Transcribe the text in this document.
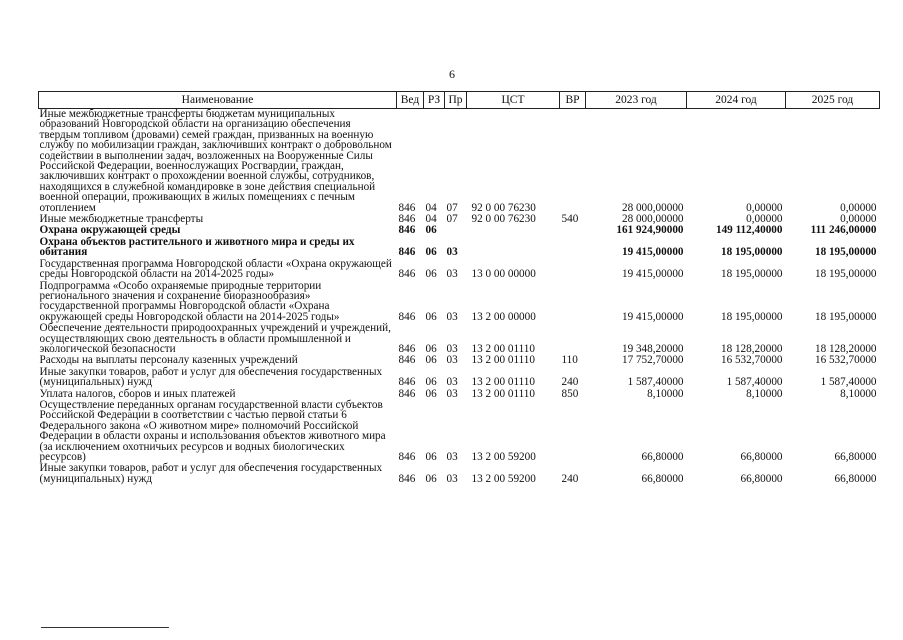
6
Наименование	Вед	РЗ	Пр	ЦСТ	ВР	2023 год	2024 год	2025 год
Иные межбюджетные трансферты бюджетам муниципальных образований Новгородской области на организацию обеспечения твердым топливом (дровами) семей граждан, призванных на военную службу по мобилизации граждан, заключивших контракт о добровольном содействии в выполнении задач, возложенных на Вооруженные Силы Российской Федерации, военнослужащих Росгвардии, граждан, заключивших контракт о прохождении военной службы, сотрудников, находящихся в служебной командировке в зоне действия специальной военной операции, проживающих в жилых помещениях с печным отоплением	846	04	07	92 0 00 76230		28 000,00000	0,00000	0,00000
Иные межбюджетные трансферты	846	04	07	92 0 00 76230	540	28 000,00000	0,00000	0,00000
Охрана окружающей среды	846	06				161 924,90000	149 112,40000	111 246,00000
Охрана объектов растительного и животного мира и среды их обитания	846	06	03			19 415,00000	18 195,00000	18 195,00000
Государственная программа Новгородской области «Охрана окружающей среды Новгородской области на 2014-2025 годы»	846	06	03	13 0 00 00000		19 415,00000	18 195,00000	18 195,00000
Подпрограмма «Особо охраняемые природные территории регионального значения и сохранение биоразнообразия» государственной программы Новгородской области «Охрана окружающей среды Новгородской области на 2014-2025 годы»	846	06	03	13 2 00 00000		19 415,00000	18 195,00000	18 195,00000
Обеспечение деятельности природоохранных учреждений и учреждений, осуществляющих свою деятельность в области промышленной и экологической безопасности	846	06	03	13 2 00 01110		19 348,20000	18 128,20000	18 128,20000
Расходы на выплаты персоналу казенных учреждений	846	06	03	13 2 00 01110	110	17 752,70000	16 532,70000	16 532,70000
Иные закупки товаров, работ и услуг для обеспечения государственных (муниципальных) нужд	846	06	03	13 2 00 01110	240	1 587,40000	1 587,40000	1 587,40000
Уплата налогов, сборов и иных платежей	846	06	03	13 2 00 01110	850	8,10000	8,10000	8,10000
Осуществление переданных органам государственной власти субъектов Российской Федерации в соответствии с частью первой статьи 6 Федерального закона «О животном мире» полномочий Российской Федерации в области охраны и использования объектов животного мира (за исключением охотничьих ресурсов и водных биологических ресурсов)	846	06	03	13 2 00 59200		66,80000	66,80000	66,80000
Иные закупки товаров, работ и услуг для обеспечения государственных (муниципальных) нужд	846	06	03	13 2 00 59200	240	66,80000	66,80000	66,80000
